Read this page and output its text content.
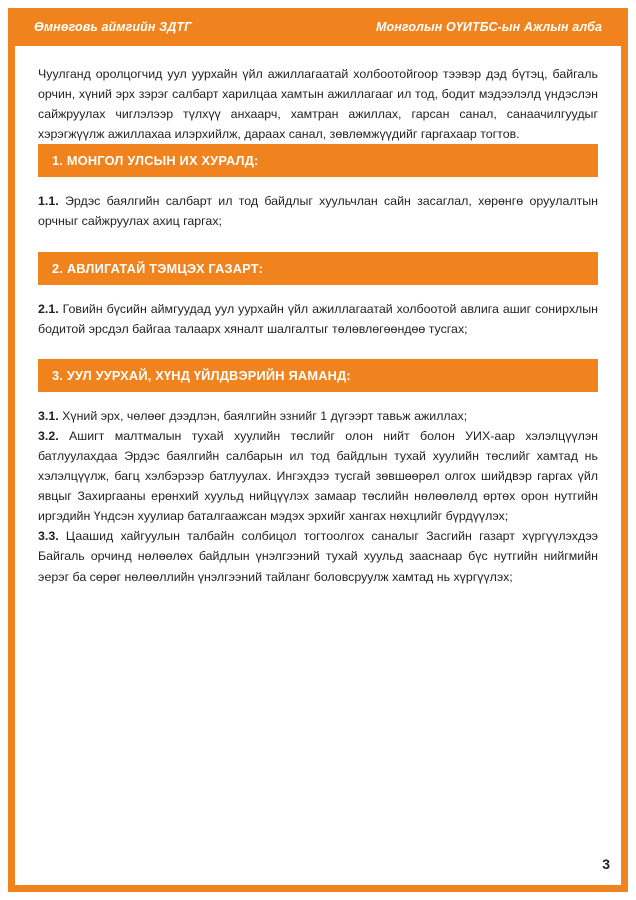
Өмнөговь аймгийн ЗДТГ	Монголын ОҮИТБС-ын Ажлын алба

Чуулганд оролцогчид уул уурхайн үйл ажиллагаатай холбоотойгоор тээвэр дэд бүтэц, байгаль орчин, хүний эрх зэрэг салбарт харилцаа хамтын ажиллагааг ил тод, бодит мэдээлэлд үндэслэн сайжруулах чиглэлээр түлхүү анхаарч, хамтран ажиллах, гарсан санал, санаачилгуудыг хэрэгжүүлж ажиллахаа илэрхийлж, дараах санал, зөвлөмжүүдийг гаргахаар тогтов.

1. МОНГОЛ УЛСЫН ИХ ХУРАЛД:

1.1. Эрдэс баялгийн салбарт ил тод байдлыг хуульчлан сайн засаглал, хөрөнгө оруулалтын орчныг сайжруулах ахиц гаргах;

2. АВЛИГАТАЙ ТЭМЦЭХ ГАЗАРТ:

2.1. Говийн бүсийн аймгуудад уул уурхайн үйл ажиллагаатай холбоотой авлига ашиг сонирхлын бодитой эрсдэл байгаа талаарх хяналт шалгалтыг төлөвлөгөөндөө тусгах;

3. УУЛ УУРХАЙ, ХҮНД ҮЙЛДВЭРИЙН ЯАМАНД:

3.1. Хүний эрх, чөлөөг дээдлэн, баялгийн эзнийг 1 дүгээрт тавьж ажиллах;

3.2. Ашигт малтмалын тухай хуулийн төслийг олон нийт болон УИХ-аар хэлэлцүүлэн батлуулахдаа Эрдэс баялгийн салбарын ил тод байдлын тухай хуулийн төслийг хамтад нь хэлэлцүүлж, багц хэлбэрээр батлуулах. Ингэхдээ тусгай зөвшөөрөл олгох шийдвэр гаргах үйл явцыг Захиргааны ерөнхий хуульд нийцүүлэх замаар төслийн нөлөөлөлд өртөх орон нутгийн иргэдийн Үндсэн хуулиар баталгаажсан мэдэх эрхийг хангах нөхцлийг бүрдүүлэх;

3.3. Цаашид хайгуулын талбайн солбицол тогтоолгох саналыг Засгийн газарт хүргүүлэхдээ Байгаль орчинд нөлөөлөх байдлын үнэлгээний тухай хуульд зааснаар бүс нутгийн нийгмийн эерэг ба сөрөг нөлөөллийн үнэлгээний тайланг боловсруулж хамтад нь хүргүүлэх;

3
